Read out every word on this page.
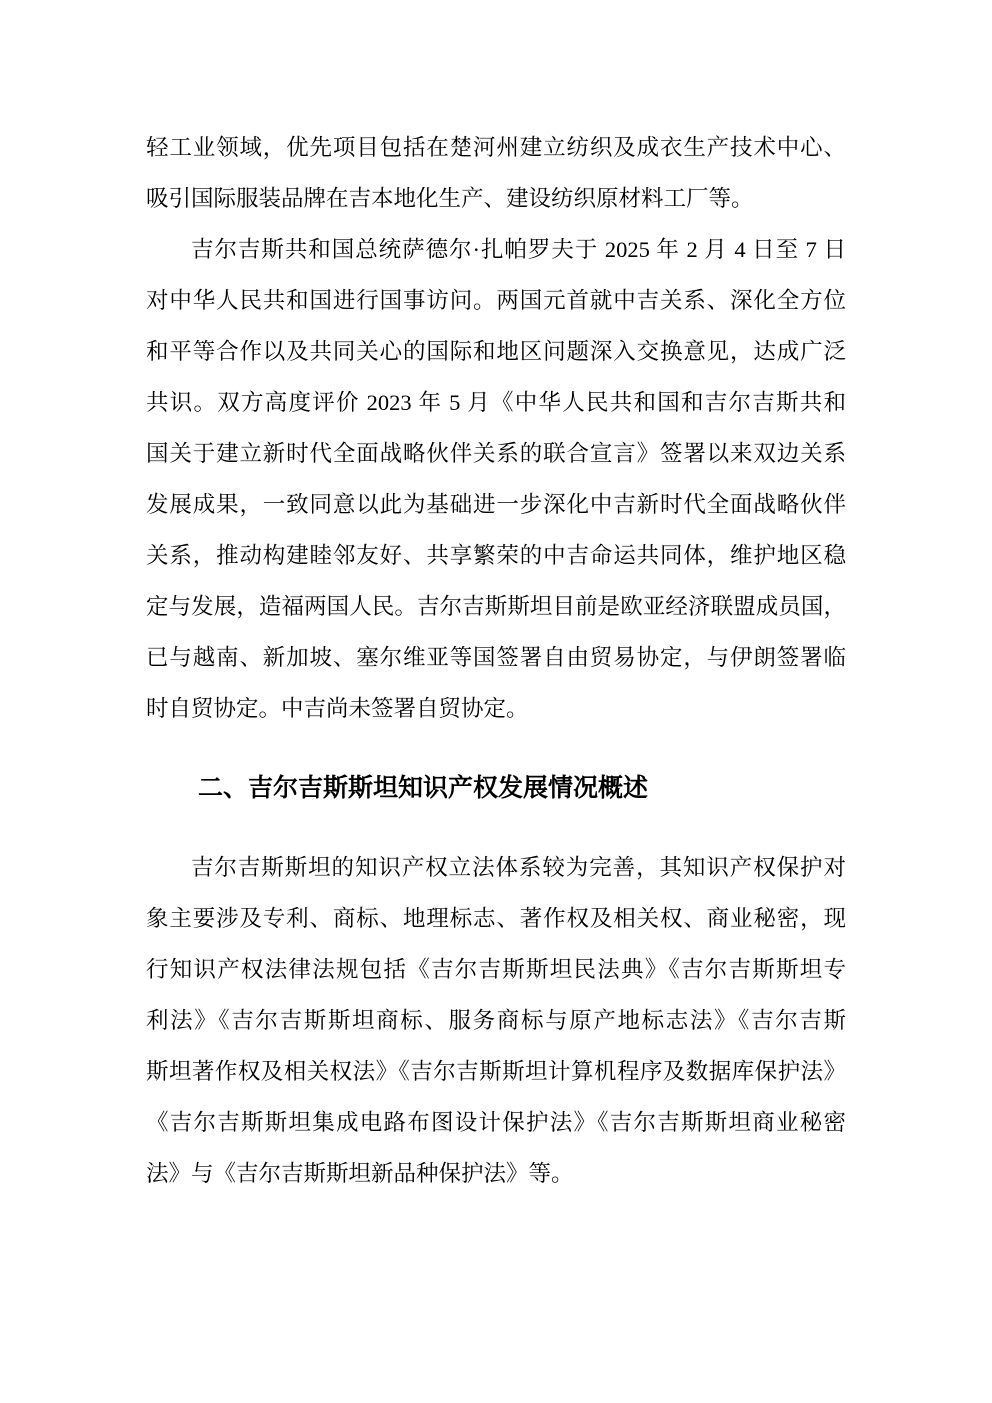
轻工业领域，优先项目包括在楚河州建立纺织及成衣生产技术中心、
吸引国际服装品牌在吉本地化生产、建设纺织原材料工厂等。
吉尔吉斯共和国总统萨德尔·扎帕罗夫于 2025 年 2 月 4 日至 7 日
对中华人民共和国进行国事访问。两国元首就中吉关系、深化全方位
和平等合作以及共同关心的国际和地区问题深入交换意见，达成广泛
共识。双方高度评价 2023 年 5 月《中华人民共和国和吉尔吉斯共和
国关于建立新时代全面战略伙伴关系的联合宣言》签署以来双边关系
发展成果，一致同意以此为基础进一步深化中吉新时代全面战略伙伴
关系，推动构建睦邻友好、共享繁荣的中吉命运共同体，维护地区稳
定与发展，造福两国人民。吉尔吉斯斯坦目前是欧亚经济联盟成员国，
已与越南、新加坡、塞尔维亚等国签署自由贸易协定，与伊朗签署临
时自贸协定。中吉尚未签署自贸协定。
二、吉尔吉斯斯坦知识产权发展情况概述
吉尔吉斯斯坦的知识产权立法体系较为完善，其知识产权保护对
象主要涉及专利、商标、地理标志、著作权及相关权、商业秘密，现
行知识产权法律法规包括《吉尔吉斯斯坦民法典》《吉尔吉斯斯坦专
利法》《吉尔吉斯斯坦商标、服务商标与原产地标志法》《吉尔吉斯
斯坦著作权及相关权法》《吉尔吉斯斯坦计算机程序及数据库保护法》
《吉尔吉斯斯坦集成电路布图设计保护法》《吉尔吉斯斯坦商业秘密
法》与《吉尔吉斯斯坦新品种保护法》等。
